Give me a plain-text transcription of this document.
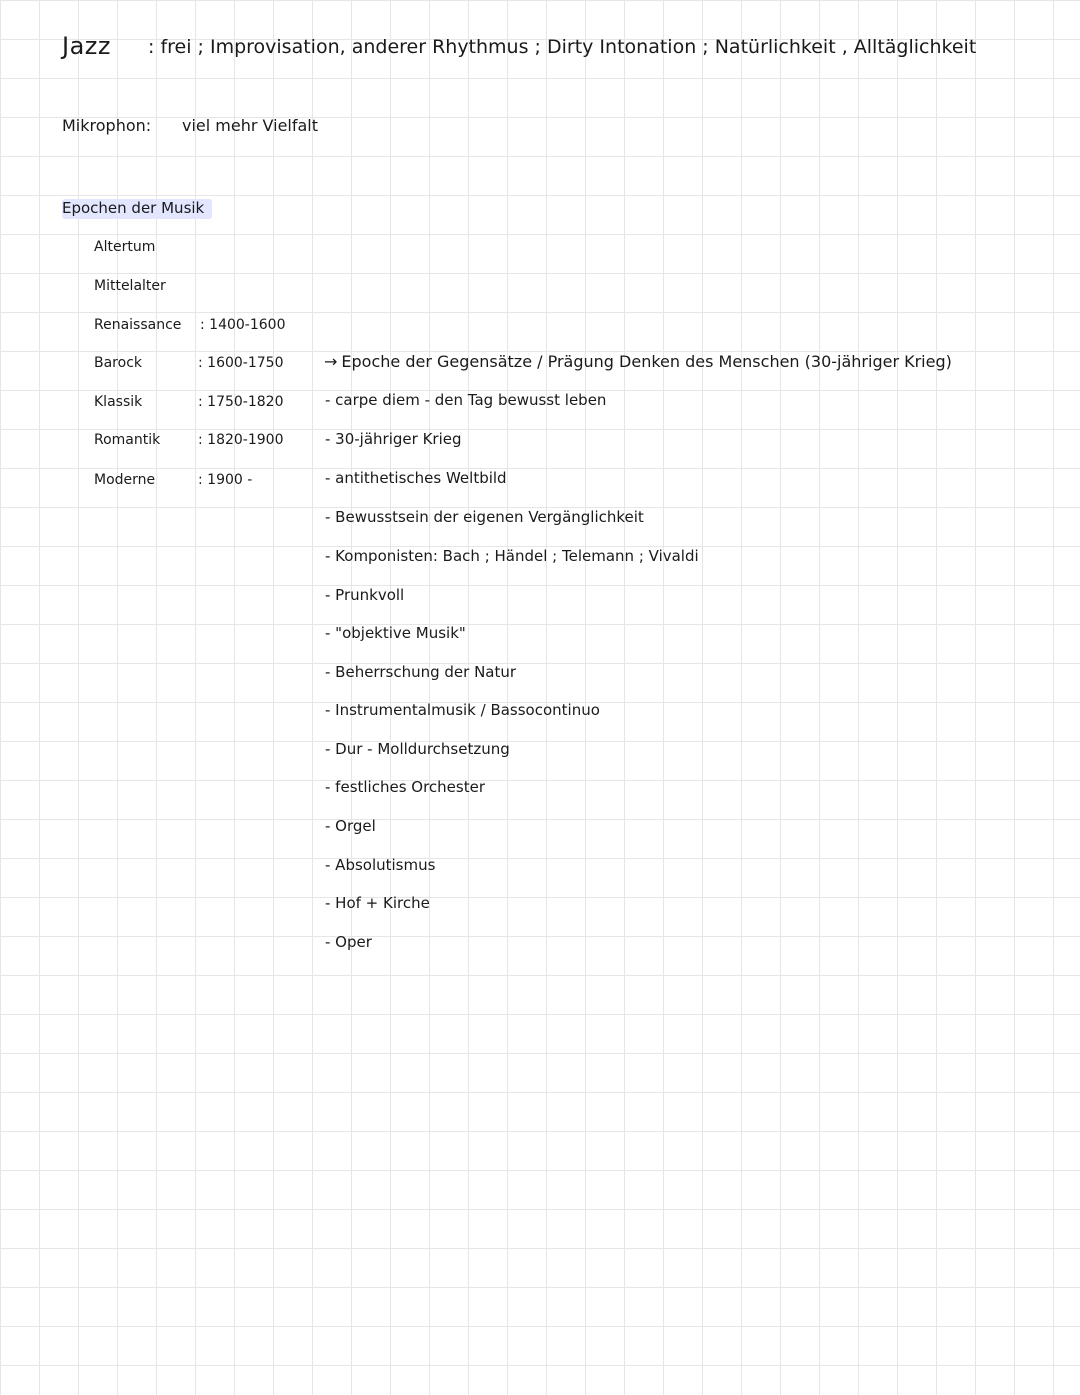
Jazz : frei ; Improvisation, anderer Rhythmus ; Dirty Intonation ; Natürlichkeit , Alltäglichkeit
Mikrophon: viel mehr Vielfalt
Epochen der Musik
Altertum
Mittelalter
Renaissance : 1400-1600
Barock	: 1600-1750
Klassik	: 1750-1820
Romantik	: 1820-1900
Moderne	: 1900 -
→ Epoche der Gegensätze / Prägung Denken des Menschen (30-jähriger Krieg)
- carpe diem - den Tag bewusst leben
- 30-jähriger Krieg
- antithetisches Weltbild
- Bewusstsein der eigenen Vergänglichkeit
- Komponisten: Bach ; Händel ; Telemann ; Vivaldi
- Prunkvoll
- "objektive Musik"
- Beherrschung der Natur
- Instrumentalmusik / Bassocontinuo
- Dur - Molldurchsetzung
- festliches Orchester
- Orgel
- Absolutismus
- Hof + Kirche
- Oper
